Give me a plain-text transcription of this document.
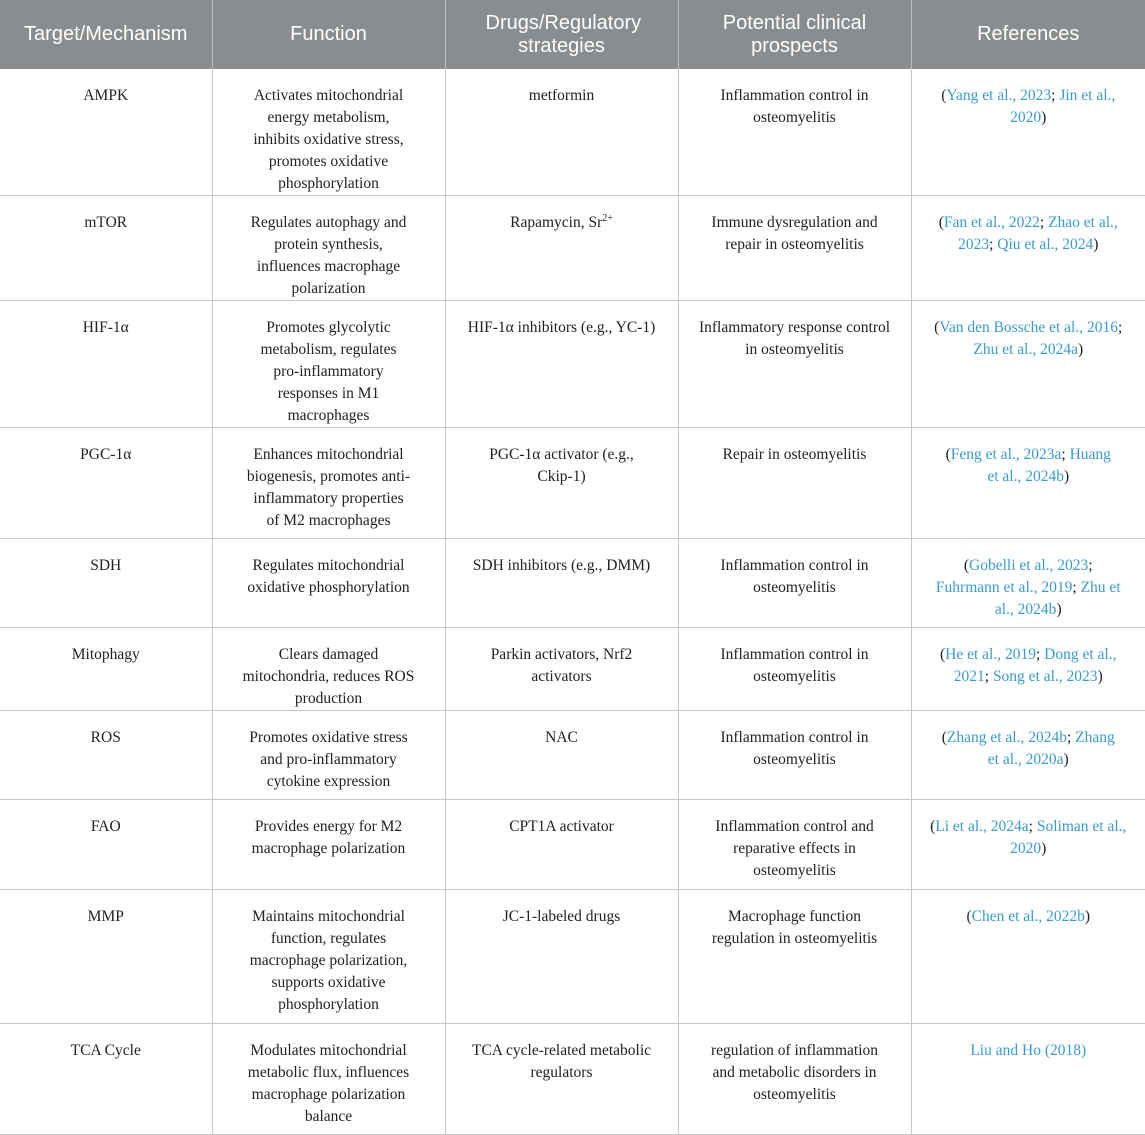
Target/Mechanism	Function	Drugs/Regulatory strategies	Potential clinical prospects	References
AMPK	Activates mitochondrial energy metabolism, inhibits oxidative stress, promotes oxidative phosphorylation	metformin	Inflammation control in osteomyelitis	(Yang et al., 2023; Jin et al., 2020)
mTOR	Regulates autophagy and protein synthesis, influences macrophage polarization	Rapamycin, $Sr^{2+}$	Immune dysregulation and repair in osteomyelitis	(Fan et al., 2022; Zhao et al., 2023; Qiu et al., 2024)
HIF-1α	Promotes glycolytic metabolism, regulates pro-inflammatory responses in M1 macrophages	HIF-1α inhibitors (e.g., YC-1)	Inflammatory response control in osteomyelitis	(Van den Bossche et al., 2016; Zhu et al., 2024a)
PGC-1α	Enhances mitochondrial biogenesis, promotes anti-inflammatory properties of M2 macrophages	PGC-1α activator (e.g., Ckip-1)	Repair in osteomyelitis	(Feng et al., 2023a; Huang et al., 2024b)
SDH	Regulates mitochondrial oxidative phosphorylation	SDH inhibitors (e.g., DMM)	Inflammation control in osteomyelitis	(Gobelli et al., 2023; Fuhrmann et al., 2019; Zhu et al., 2024b)
Mitophagy	Clears damaged mitochondria, reduces ROS production	Parkin activators, Nrf2 activators	Inflammation control in osteomyelitis	(He et al., 2019; Dong et al., 2021; Song et al., 2023)
ROS	Promotes oxidative stress and pro-inflammatory cytokine expression	NAC	Inflammation control in osteomyelitis	(Zhang et al., 2024b; Zhang et al., 2020a)
FAO	Provides energy for M2 macrophage polarization	CPT1A activator	Inflammation control and reparative effects in osteomyelitis	(Li et al., 2024a; Soliman et al., 2020)
MMP	Maintains mitochondrial function, regulates macrophage polarization, supports oxidative phosphorylation	JC-1-labeled drugs	Macrophage function regulation in osteomyelitis	(Chen et al., 2022b)
TCA Cycle	Modulates mitochondrial metabolic flux, influences macrophage polarization balance	TCA cycle-related metabolic regulators	regulation of inflammation and metabolic disorders in osteomyelitis	Liu and Ho (2018)
